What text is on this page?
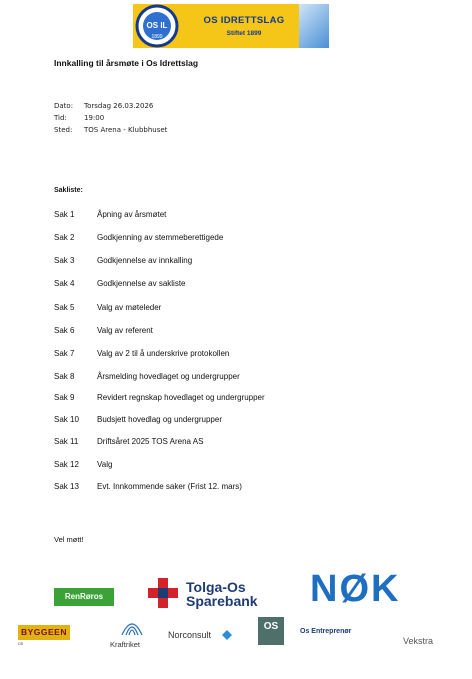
OS IL
1899
OS IDRETTSLAG
Stiftet 1899
Innkalling til årsmøte i Os Idrettslag
Dato: Torsdag 26.03.2026
Tid: 19:00
Sted: TOS Arena - Klubbhuset
Sakliste:
Sak 1	Åpning av årsmøtet
Sak 2	Godkjenning av stemmeberettigede
Sak 3	Godkjennelse av innkalling
Sak 4	Godkjennelse av sakliste
Sak 5	Valg av møteleder
Sak 6	Valg av referent
Sak 7	Valg av 2 til å underskrive protokollen
Sak 8	Årsmelding hovedlaget og undergrupper
Sak 9	Revidert regnskap hovedlaget og undergrupper
Sak 10 Budsjett hovedlag og undergrupper
Sak 11 Driftsåret 2025 TOS Arena AS
Sak 12 Valg
Sak 13 Evt. Innkommende saker (Frist 12. mars)
Vel møtt!
RenRøros
Tolga-Os
Sparebank NØK
BYGGEEN
OS	Kraftriket
Norconsult
OS	Os Entreprenør
Vekstra
